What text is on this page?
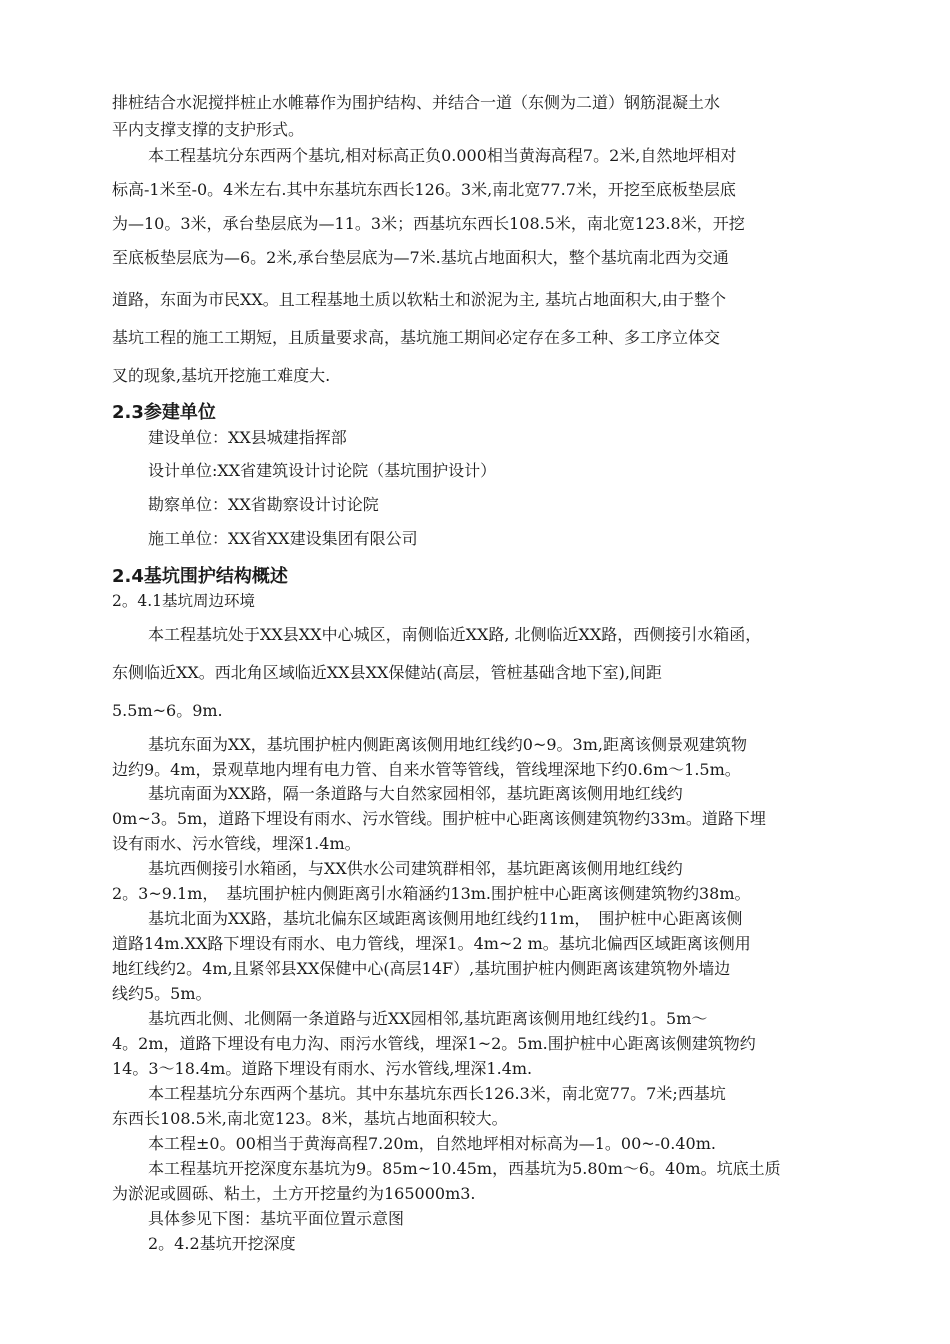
排桩结合水泥搅拌桩止水帷幕作为围护结构、并结合一道（东侧为二道）钢筋混凝土水
平内支撑支撑的支护形式。
本工程基坑分东西两个基坑,相对标高正负0.000相当黄海高程7。2米,自然地坪相对
标高-1米至-0。4米左右.其中东基坑东西长126。3米,南北宽77.7米，开挖至底板垫层底
为—10。3米，承台垫层底为—11。3米；西基坑东西长108.5米，南北宽123.8米，开挖
至底板垫层底为—6。2米,承台垫层底为—7米.基坑占地面积大，整个基坑南北西为交通
道路，东面为市民XX。且工程基地土质以软粘土和淤泥为主, 基坑占地面积大,由于整个
基坑工程的施工工期短，且质量要求高，基坑施工期间必定存在多工种、多工序立体交
叉的现象,基坑开挖施工难度大.
2.3参建单位
建设单位：XX县城建指挥部
设计单位:XX省建筑设计讨论院（基坑围护设计）
勘察单位：XX省勘察设计讨论院
施工单位：XX省XX建设集团有限公司
2.4基坑围护结构概述
2。4.1基坑周边环境
本工程基坑处于XX县XX中心城区，南侧临近XX路, 北侧临近XX路，西侧接引水箱函，
东侧临近XX。西北角区域临近XX县XX保健站(高层，管桩基础含地下室),间距
5.5m~6。9m.
基坑东面为XX，基坑围护桩内侧距离该侧用地红线约0~9。3m,距离该侧景观建筑物
边约9。4m，景观草地内埋有电力管、自来水管等管线，管线埋深地下约0.6m～1.5m。
基坑南面为XX路，隔一条道路与大自然家园相邻，基坑距离该侧用地红线约
0m~3。5m，道路下埋设有雨水、污水管线。围护桩中心距离该侧建筑物约33m。道路下埋
设有雨水、污水管线，埋深1.4m。
基坑西侧接引水箱函，与XX供水公司建筑群相邻，基坑距离该侧用地红线约
2。3~9.1m，　基坑围护桩内侧距离引水箱涵约13m.围护桩中心距离该侧建筑物约38m。
基坑北面为XX路，基坑北偏东区域距离该侧用地红线约11m，　围护桩中心距离该侧
道路14m.XX路下埋设有雨水、电力管线，埋深1。4m~2 m。基坑北偏西区域距离该侧用
地红线约2。4m,且紧邻县XX保健中心(高层14F）,基坑围护桩内侧距离该建筑物外墙边
线约5。5m。
基坑西北侧、北侧隔一条道路与近XX园相邻,基坑距离该侧用地红线约1。5m～
4。2m，道路下埋设有电力沟、雨污水管线，埋深1~2。5m.围护桩中心距离该侧建筑物约
14。3～18.4m。道路下埋设有雨水、污水管线,埋深1.4m.
本工程基坑分东西两个基坑。其中东基坑东西长126.3米，南北宽77。7米;西基坑
东西长108.5米,南北宽123。8米，基坑占地面积较大。
本工程±0。00相当于黄海高程7.20m，自然地坪相对标高为—1。00~-0.40m.
本工程基坑开挖深度东基坑为9。85m~10.45m，西基坑为5.80m～6。40m。坑底土质
为淤泥或圆砾、粘土，土方开挖量约为165000m3.
具体参见下图：基坑平面位置示意图
2。4.2基坑开挖深度
